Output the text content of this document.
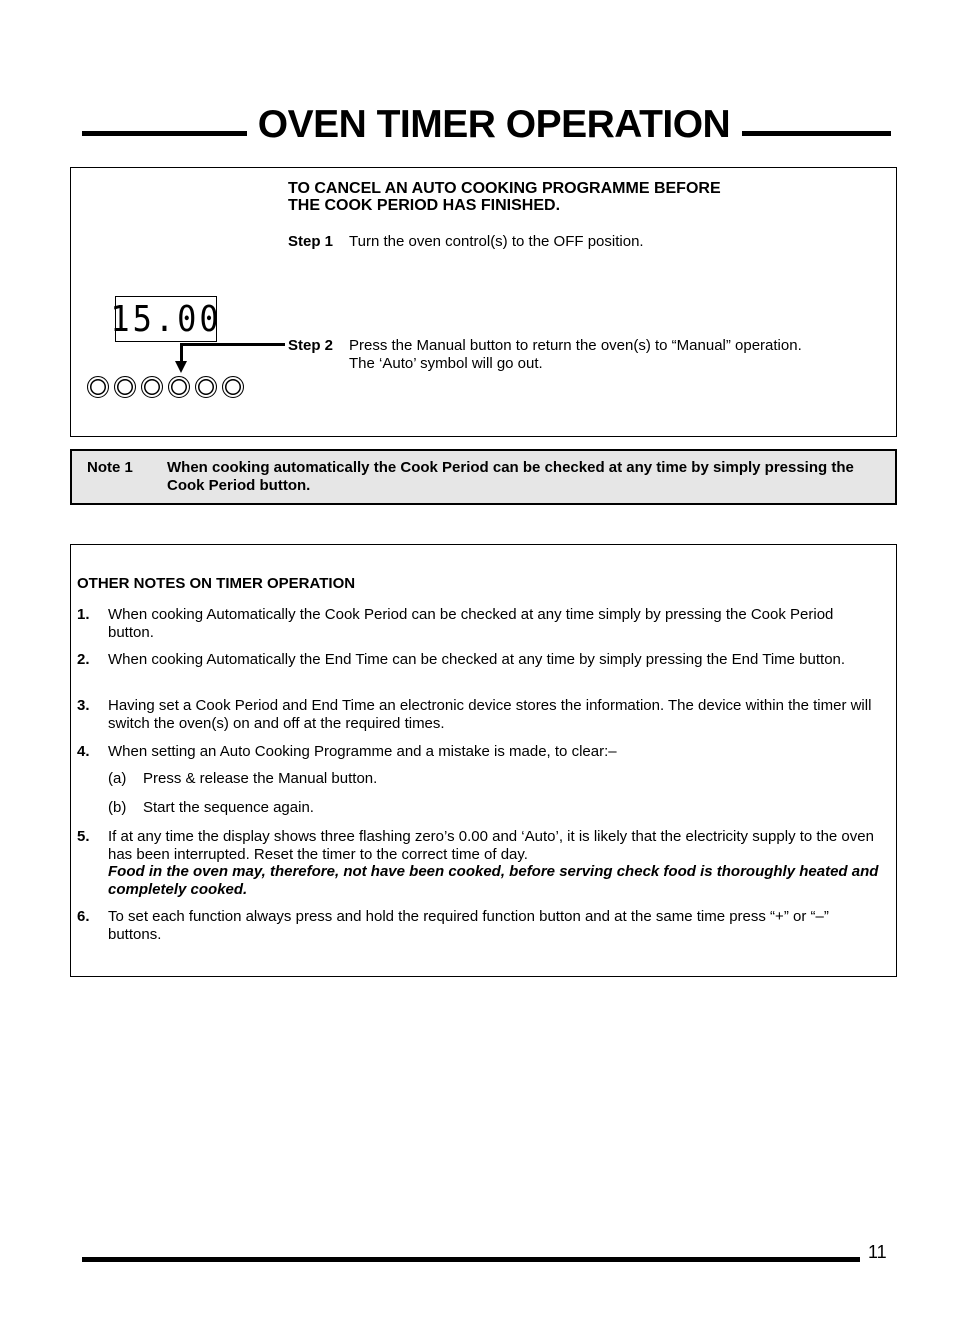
OVEN TIMER OPERATION
TO CANCEL AN AUTO COOKING PROGRAMME BEFORE
THE COOK PERIOD HAS FINISHED.
Step 1 Turn the oven control(s) to the OFF position.
Step 2 Press the Manual button to return the oven(s) to “Manual” operation.
The ‘Auto’ symbol will go out.
15.00
Note 1 When cooking automatically the Cook Period can be checked at any time by simply pressing the Cook Period button.
OTHER NOTES ON TIMER OPERATION
1. When cooking Automatically the Cook Period can be checked at any time simply by pressing the Cook Period button.
2. When cooking Automatically the End Time can be checked at any time by simply pressing the End Time button.
3. Having set a Cook Period and End Time an electronic device stores the information. The device within the timer will switch the oven(s) on and off at the required times.
4. When setting an Auto Cooking Programme and a mistake is made, to clear:–
(a) Press & release the Manual button.
(b) Start the sequence again.
5. If at any time the display shows three flashing zero’s 0.00 and ‘Auto’, it is likely that the electricity supply to the oven has been interrupted. Reset the timer to the correct time of day.
Food in the oven may, therefore, not have been cooked, before serving check food is thoroughly heated and completely cooked.
6. To set each function always press and hold the required function button and at the same time press “+” or “–” buttons.
11
